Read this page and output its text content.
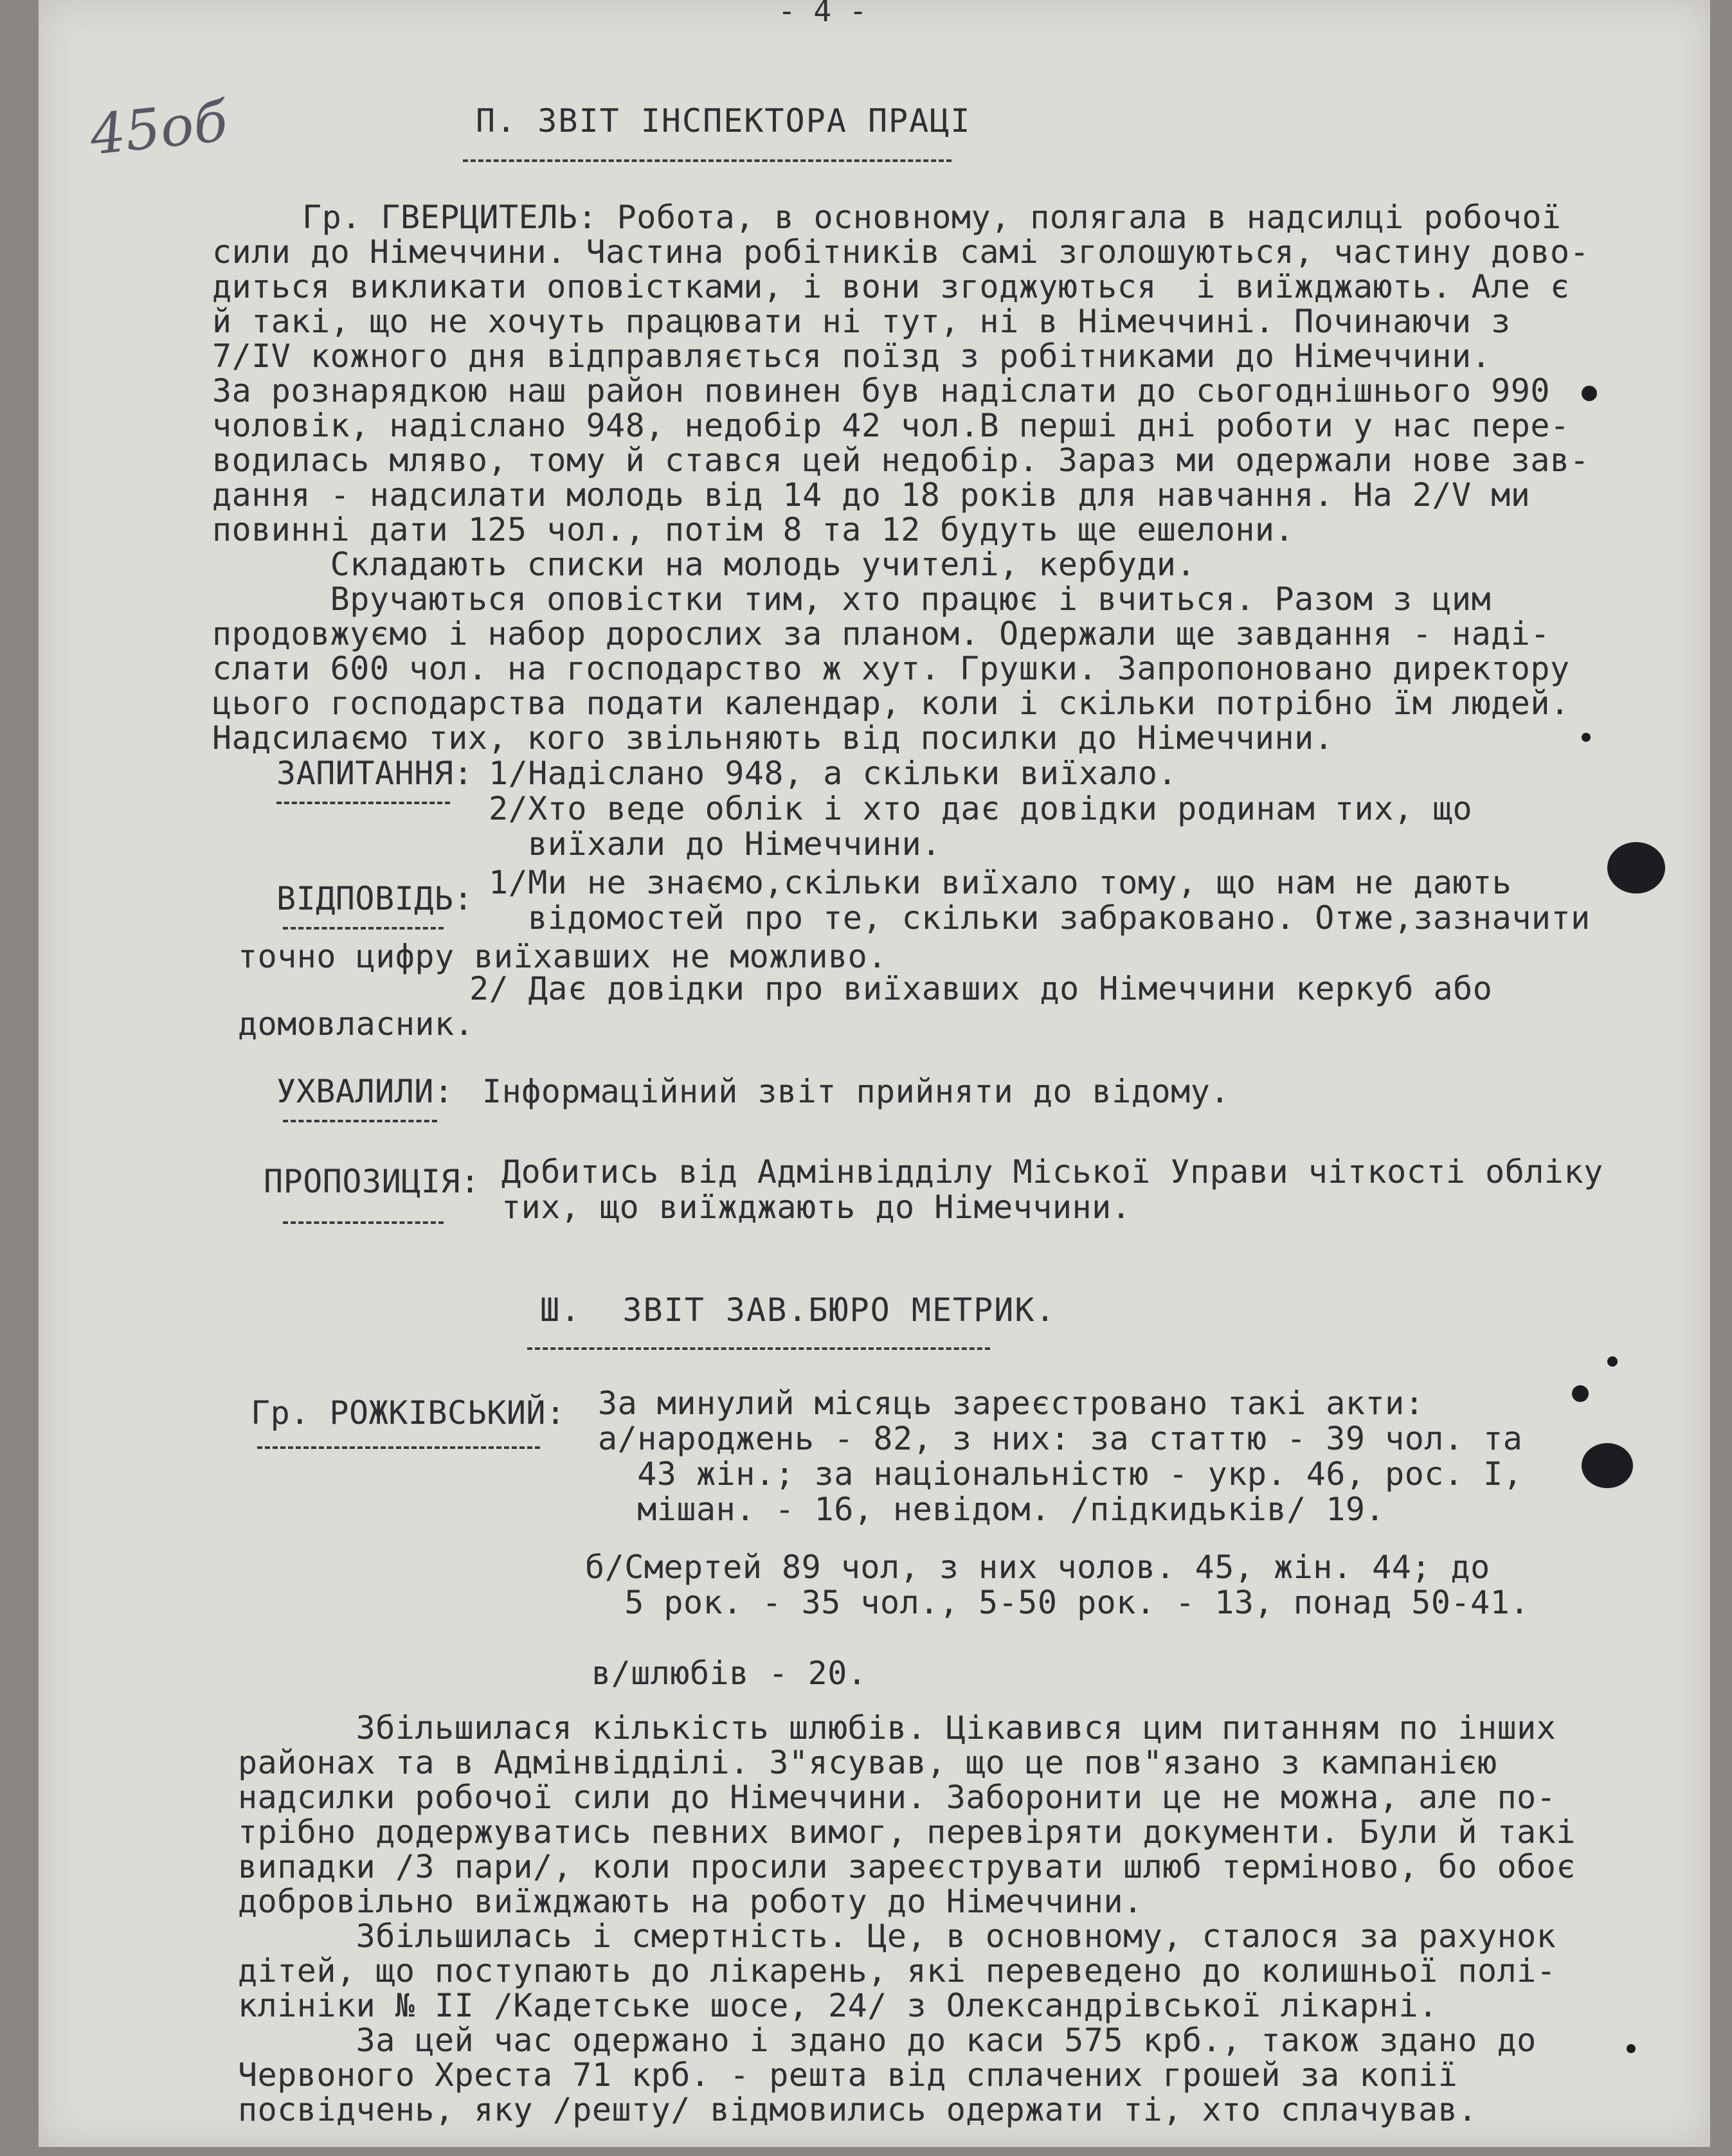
45об
- 4 -
П. ЗВІТ ІНСПЕКТОРА ПРАЦІ
Гр. ГВЕРЦИТЕЛЬ: Робота, в основному, полягала в надсилці робочої
сили до Німеччини. Частина робітників самі зголошуються, частину дово-
диться викликати оповістками, і вони згоджуються  і виїжджають. Але є
й такі, що не хочуть працювати ні тут, ні в Німеччині. Починаючи з
7/IV кожного дня відправляється поїзд з робітниками до Німеччини.
За рознарядкою наш район повинен був надіслати до сьогоднішнього 990
чоловік, надіслано 948, недобір 42 чол.В перші дні роботи у нас пере-
водилась мляво, тому й стався цей недобір. Зараз ми одержали нове зав-
дання - надсилати молодь від 14 до 18 років для навчання. На 2/V ми
повинні дати 125 чол., потім 8 та 12 будуть ще ешелони.
Складають списки на молодь учителі, кербуди.
Вручаються оповістки тим, хто працює і вчиться. Разом з цим
продовжуємо і набор дорослих за планом. Одержали ще завдання - наді-
слати 600 чол. на господарство ж хут. Грушки. Запропоновано директору
цього господарства подати календар, коли і скільки потрібно їм людей.
Надсилаємо тих, кого звільняють від посилки до Німеччини.
ЗАПИТАННЯ: 1/Надіслано 948, а скільки виїхало.
2/Хто веде облік і хто дає довідки родинам тих, що
виїхали до Німеччини.
ВІДПОВІДЬ: 1/Ми не знаємо,скільки виїхало тому, що нам не дають
відомостей про те, скільки забраковано. Отже,зазначити
точно цифру виїхавших не можливо.
2/ Дає довідки про виїхавших до Німеччини керкуб або
домовласник.
УХВАЛИЛИ: Інформаційний звіт прийняти до відому.
ПРОПОЗИЦІЯ: Добитись від Адмінвідділу Міської Управи чіткості обліку
тих, що виїжджають до Німеччини.
Ш.  ЗВІТ ЗАВ.БЮРО МЕТРИК.
Гр. РОЖКІВСЬКИЙ: За минулий місяць зареєстровано такі акти:
а/народжень - 82, з них: за статтю - 39 чол. та
43 жін.; за національністю - укр. 46, рос. I,
мішан. - 16, невідом. /підкидьків/ 19.
б/Смертей 89 чол, з них чолов. 45, жін. 44; до
5 рок. - 35 чол., 5-50 рок. - 13, понад 50-41.
в/шлюбів - 20.
Збільшилася кількість шлюбів. Цікавився цим питанням по інших
районах та в Адмінвідділі. З"ясував, що це пов"язано з кампанією
надсилки робочої сили до Німеччини. Заборонити це не можна, але по-
трібно додержуватись певних вимог, перевіряти документи. Були й такі
випадки /3 пари/, коли просили зареєструвати шлюб терміново, бо обоє
добровільно виїжджають на роботу до Німеччини.
Збільшилась і смертність. Це, в основному, сталося за рахунок
дітей, що поступають до лікарень, які переведено до колишньої полі-
клініки № II /Кадетське шосе, 24/ з Олександрівської лікарні.
За цей час одержано і здано до каси 575 крб., також здано до
Червоного Хреста 71 крб. - решта від сплачених грошей за копії
посвідчень, яку /решту/ відмовились одержати ті, хто сплачував.
